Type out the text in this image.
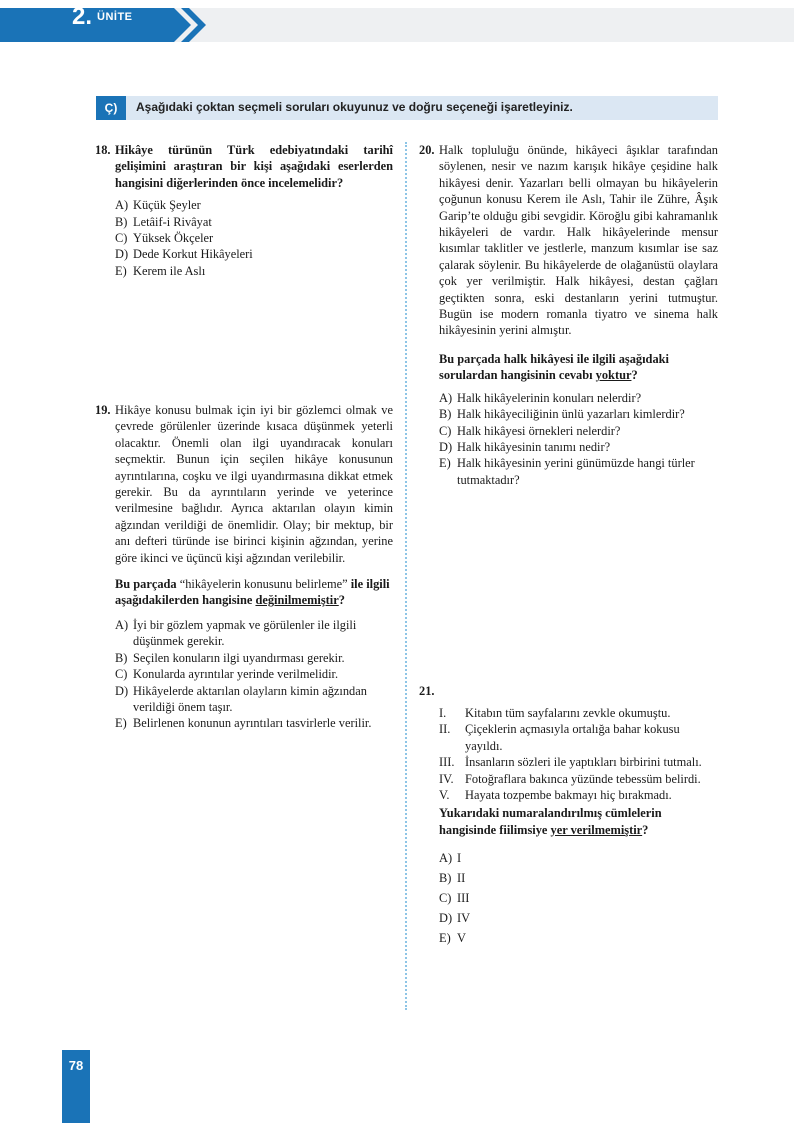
2. ÜNİTE
Ç)	Aşağıdaki çoktan seçmeli soruları okuyunuz ve doğru seçeneği işaretleyiniz.
18. Hikâye türünün Türk edebiyatındaki tarihî gelişimini araştıran bir kişi aşağıdaki eserlerden hangisini diğerlerinden önce incelemelidir?

A) Küçük Şeyler
B) Letâif-i Rivâyat
C) Yüksek Ökçeler
D) Dede Korkut Hikâyeleri
E) Kerem ile Aslı
19. Hikâye konusu bulmak için iyi bir gözlemci olmak ve çevrede görülenler üzerinde kısaca düşünmek yeterli olacaktır. Önemli olan ilgi uyandıracak konuları seçmektir. Bunun için seçilen hikâye konusunun ayrıntılarına, coşku ve ilgi uyandırmasına dikkat etmek gerekir. Bu da ayrıntıların yerinde ve yeterince verilmesine bağlıdır. Ayrıca aktarılan olayın kimin ağzından verildiği de önemlidir. Olay; bir mektup, bir anı defteri türünde ise birinci kişinin ağzından, yerine göre ikinci ve üçüncü kişi ağzından verilebilir.

Bu parçada “hikâyelerin konusunu belirleme” ile ilgili aşağıdakilerden hangisine değinilmemiştir?

A) İyi bir gözlem yapmak ve görülenler ile ilgili düşünmek gerekir.
B) Seçilen konuların ilgi uyandırması gerekir.
C) Konularda ayrıntılar yerinde verilmelidir.
D) Hikâyelerde aktarılan olayların kimin ağzından verildiği önem taşır.
E) Belirlenen konunun ayrıntıları tasvirlerle verilir.
20. Halk topluluğu önünde, hikâyeci âşıklar tarafından söylenen, nesir ve nazım karışık hikâye çeşidine halk hikâyesi denir. Yazarları belli olmayan bu hikâyelerin çoğunun konusu Kerem ile Aslı, Tahir ile Zühre, Âşık Garip’te olduğu gibi sevgidir. Köroğlu gibi kahramanlık hikâyeleri de vardır. Halk hikâyelerinde mensur kısımlar taklitler ve jestlerle, manzum kısımlar ise saz çalarak söylenir. Bu hikâyelerde de olağanüstü olaylara çok yer verilmiştir. Halk hikâyesi, destan çağları geçtikten sonra, eski destanların yerini tutmuştur. Bugün ise modern romanla tiyatro ve sinema halk hikâyesinin yerini almıştır.

Bu parçada halk hikâyesi ile ilgili aşağıdaki sorulardan hangisinin cevabı yoktur?

A) Halk hikâyelerinin konuları nelerdir?
B) Halk hikâyeciliğinin ünlü yazarları kimlerdir?
C) Halk hikâyesi örnekleri nelerdir?
D) Halk hikâyesinin tanımı nedir?
E) Halk hikâyesinin yerini günümüzde hangi türler tutmaktadır?
21.
I.	Kitabın tüm sayfalarını zevkle okumuştu.
II.	Çiçeklerin açmasıyla ortalığa bahar kokusu yayıldı.
III. İnsanların sözleri ile yaptıkları birbirini tutmalı.
IV. Fotoğraflara bakınca yüzünde tebessüm belirdi.
V.	Hayata tozpembe bakmayı hiç bırakmadı.

Yukarıdaki numaralandırılmış cümlelerin hangisinde fiilimsiye yer verilmemiştir?

A) I
B) II
C) III
D) IV
E) V
78
